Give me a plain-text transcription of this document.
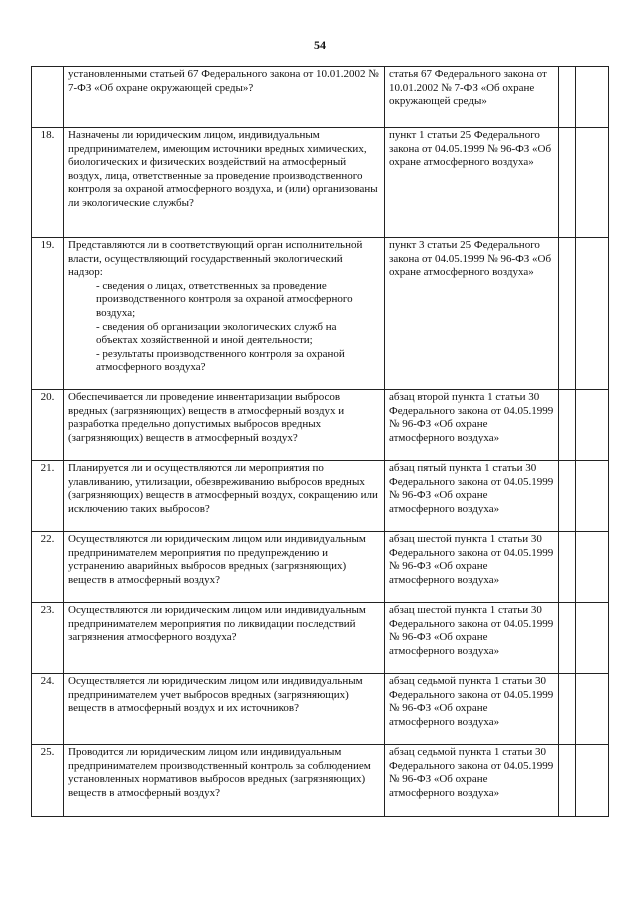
54

	установленными статьей 67 Федерального закона от 10.01.2002 № 7-ФЗ «Об охране окружающей среды»?	статья 67 Федерального закона от 10.01.2002 № 7-ФЗ «Об охране окружающей среды»		
18.	Назначены ли юридическим лицом, индивидуальным предпринимателем, имеющим источники вредных химических, биологических и физических воздействий на атмосферный воздух, лица, ответственные за проведение производственного контроля за охраной атмосферного воздуха, и (или) организованы ли экологические службы?	пункт 1 статьи 25 Федерального закона от 04.05.1999 № 96-ФЗ «Об охране атмосферного воздуха»		
19.	Представляются ли в соответствующий орган исполнительной власти, осуществляющий государственный экологический надзор:
- сведения о лицах, ответственных за проведение производственного контроля за охраной атмосферного воздуха;
- сведения об организации экологических служб на объектах хозяйственной и иной деятельности;
- результаты производственного контроля за охраной атмосферного воздуха?	пункт 3 статьи 25 Федерального закона от 04.05.1999 № 96-ФЗ «Об охране атмосферного воздуха»		
20.	Обеспечивается ли проведение инвентаризации выбросов вредных (загрязняющих) веществ в атмосферный воздух и разработка предельно допустимых выбросов вредных (загрязняющих) веществ в атмосферный воздух?	абзац второй пункта 1 статьи 30 Федерального закона от 04.05.1999 № 96-ФЗ «Об охране атмосферного воздуха»		
21.	Планируется ли и осуществляются ли мероприятия по улавливанию, утилизации, обезвреживанию выбросов вредных (загрязняющих) веществ в атмосферный воздух, сокращению или исключению таких выбросов?	абзац пятый пункта 1 статьи 30 Федерального закона от 04.05.1999 № 96-ФЗ «Об охране атмосферного воздуха»		
22.	Осуществляются ли юридическим лицом или индивидуальным предпринимателем мероприятия по предупреждению и устранению аварийных выбросов вредных (загрязняющих) веществ в атмосферный воздух?	абзац шестой пункта 1 статьи 30 Федерального закона от 04.05.1999 № 96-ФЗ «Об охране атмосферного воздуха»		
23.	Осуществляются ли юридическим лицом или индивидуальным предпринимателем мероприятия по ликвидации последствий загрязнения атмосферного воздуха?	абзац шестой пункта 1 статьи 30 Федерального закона от 04.05.1999 № 96-ФЗ «Об охране атмосферного воздуха»		
24.	Осуществляется ли юридическим лицом или индивидуальным предпринимателем учет выбросов вредных (загрязняющих) веществ в атмосферный воздух и их источников?	абзац седьмой пункта 1 статьи 30 Федерального закона от 04.05.1999 № 96-ФЗ «Об охране атмосферного воздуха»		
25.	Проводится ли юридическим лицом или индивидуальным предпринимателем производственный контроль за соблюдением установленных нормативов выбросов вредных (загрязняющих) веществ в атмосферный воздух?	абзац седьмой пункта 1 статьи 30 Федерального закона от 04.05.1999 № 96-ФЗ «Об охране атмосферного воздуха»		
